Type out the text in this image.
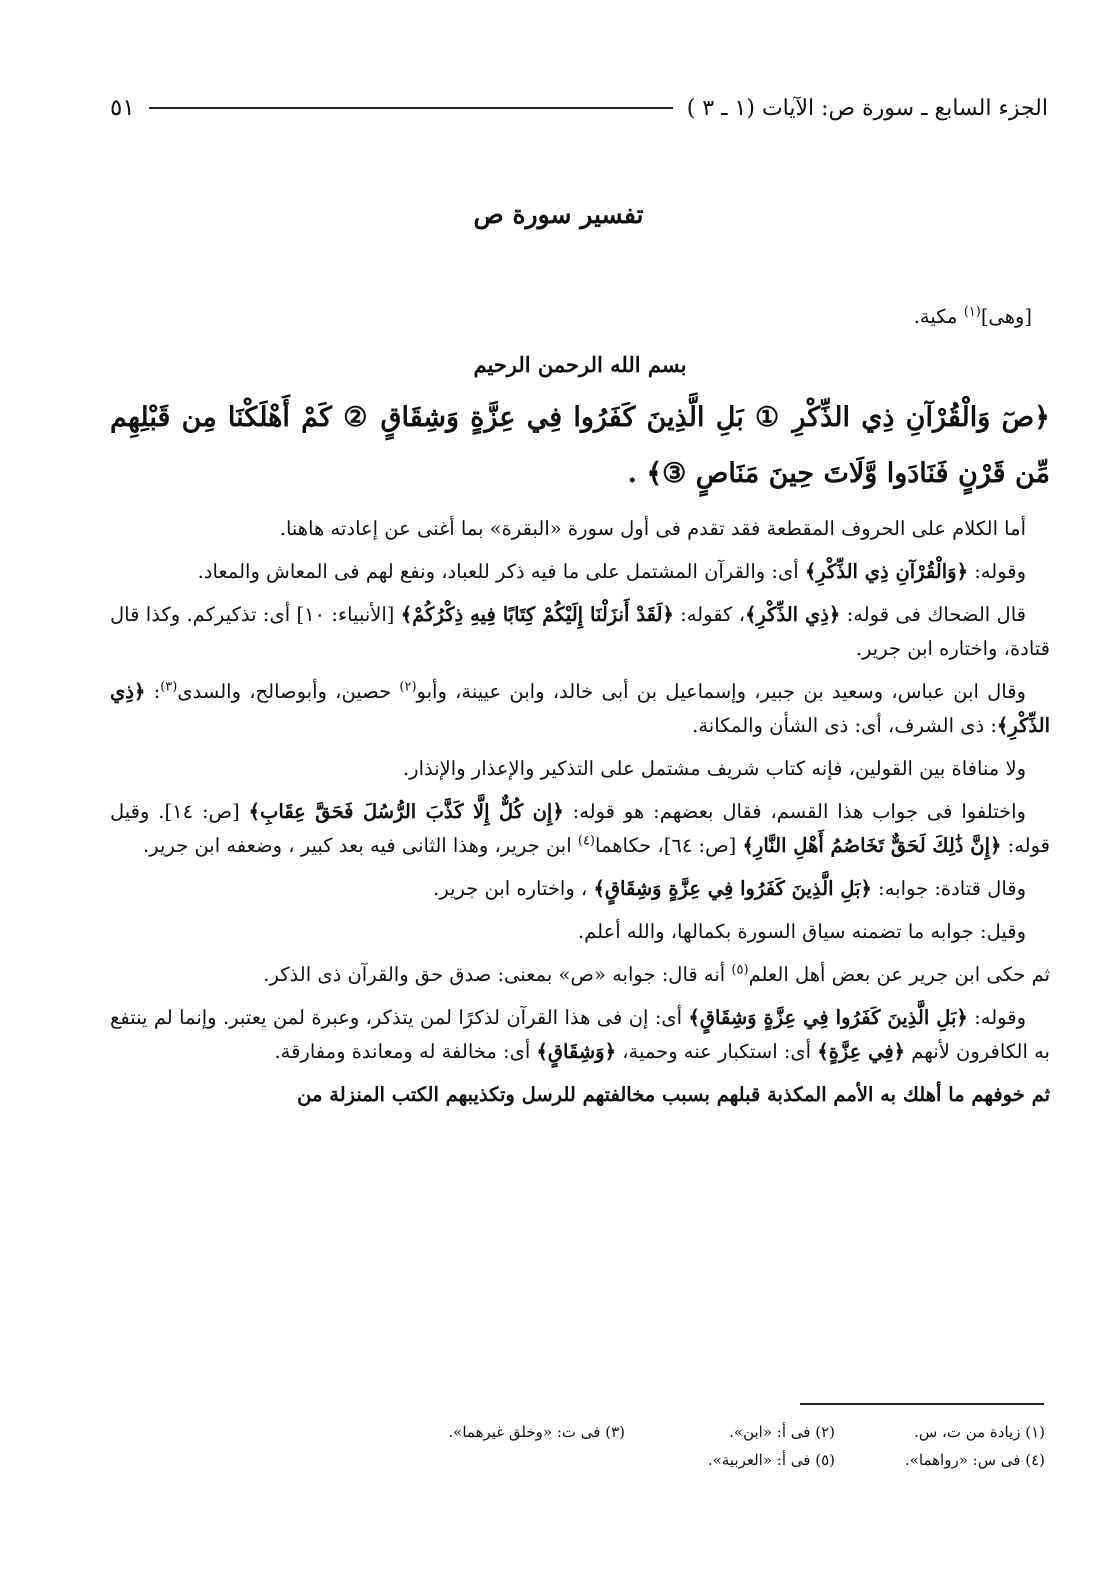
الجزء السابع ـ سورة ص: الآيات (١ ـ ٣ )
٥١
تفسير سورة ص

[وهى]$^{(١)}$ مكية.

بسم الله الرحمن الرحيم
﴿صٓ وَالْقُرْآنِ ذِي الذِّكْرِ ① بَلِ الَّذِينَ كَفَرُوا فِي عِزَّةٍ وَشِقَاقٍ ② كَمْ أَهْلَكْنَا مِن قَبْلِهِم مِّن قَرْنٍ فَنَادَوا وَّلَاتَ حِينَ مَنَاصٍ ③﴾ .

أما الكلام على الحروف المقطعة فقد تقدم فى أول سورة «البقرة» بما أغنى عن إعادته هاهنا.

وقوله: ﴿وَالْقُرْآنِ ذِي الذِّكْرِ﴾ أى: والقرآن المشتمل على ما فيه ذكر للعباد، ونفع لهم فى المعاش والمعاد.

قال الضحاك فى قوله: ﴿ذِي الذِّكْرِ﴾، كقوله: ﴿لَقَدْ أَنزَلْنَا إِلَيْكُمْ كِتَابًا فِيهِ ذِكْرُكُمْ﴾ [الأنبياء: ١٠] أى: تذكيركم. وكذا قال قتادة، واختاره ابن جرير.

وقال ابن عباس، وسعيد بن جبير، وإسماعيل بن أبى خالد، وابن عيينة، وأبو$^{(٢)}$ حصين، وأبوصالح، والسدى$^{(٣)}$: ﴿ذِي الذِّكْرِ﴾: ذى الشرف، أى: ذى الشأن والمكانة.

ولا منافاة بين القولين، فإنه كتاب شريف مشتمل على التذكير والإعذار والإنذار.

واختلفوا فى جواب هذا القسم، فقال بعضهم: هو قوله: ﴿إِن كُلٌّ إِلَّا كَذَّبَ الرُّسُلَ فَحَقَّ عِقَابِ﴾ [ص: ١٤]. وقيل قوله: ﴿إِنَّ ذَٰلِكَ لَحَقٌّ تَخَاصُمُ أَهْلِ النَّارِ﴾ [ص: ٦٤]، حكاهما$^{(٤)}$ ابن جرير، وهذا الثانى فيه بعد كبير ، وضعفه ابن جرير.

وقال قتادة: جوابه: ﴿بَلِ الَّذِينَ كَفَرُوا فِي عِزَّةٍ وَشِقَاقٍ﴾ ، واختاره ابن جرير.

وقيل: جوابه ما تضمنه سياق السورة بكمالها، والله أعلم.

ثم حكى ابن جرير عن بعض أهل العلم$^{(٥)}$ أنه قال: جوابه «ص» بمعنى: صدق حق والقرآن ذى الذكر.

وقوله: ﴿بَلِ الَّذِينَ كَفَرُوا فِي عِزَّةٍ وَشِقَاقٍ﴾ أى: إن فى هذا القرآن لذكرًا لمن يتذكر، وعبرة لمن يعتبر. وإنما لم ينتفع به الكافرون لأنهم ﴿فِي عِزَّةٍ﴾ أى: استكبار عنه وحمية، ﴿وَشِقَاقٍ﴾ أى: مخالفة له ومعاندة ومفارقة.

ثم خوفهم ما أهلك به الأمم المكذبة قبلهم بسبب مخالفتهم للرسل وتكذيبهم الكتب المنزلة من

(١) زيادة من ت، س.
(٢) فى أ: «ابن».
(٣) فى ت: «وخلق غيرهما».
(٤) فى س: «رواهما».
(٥) فى أ: «العربية».
